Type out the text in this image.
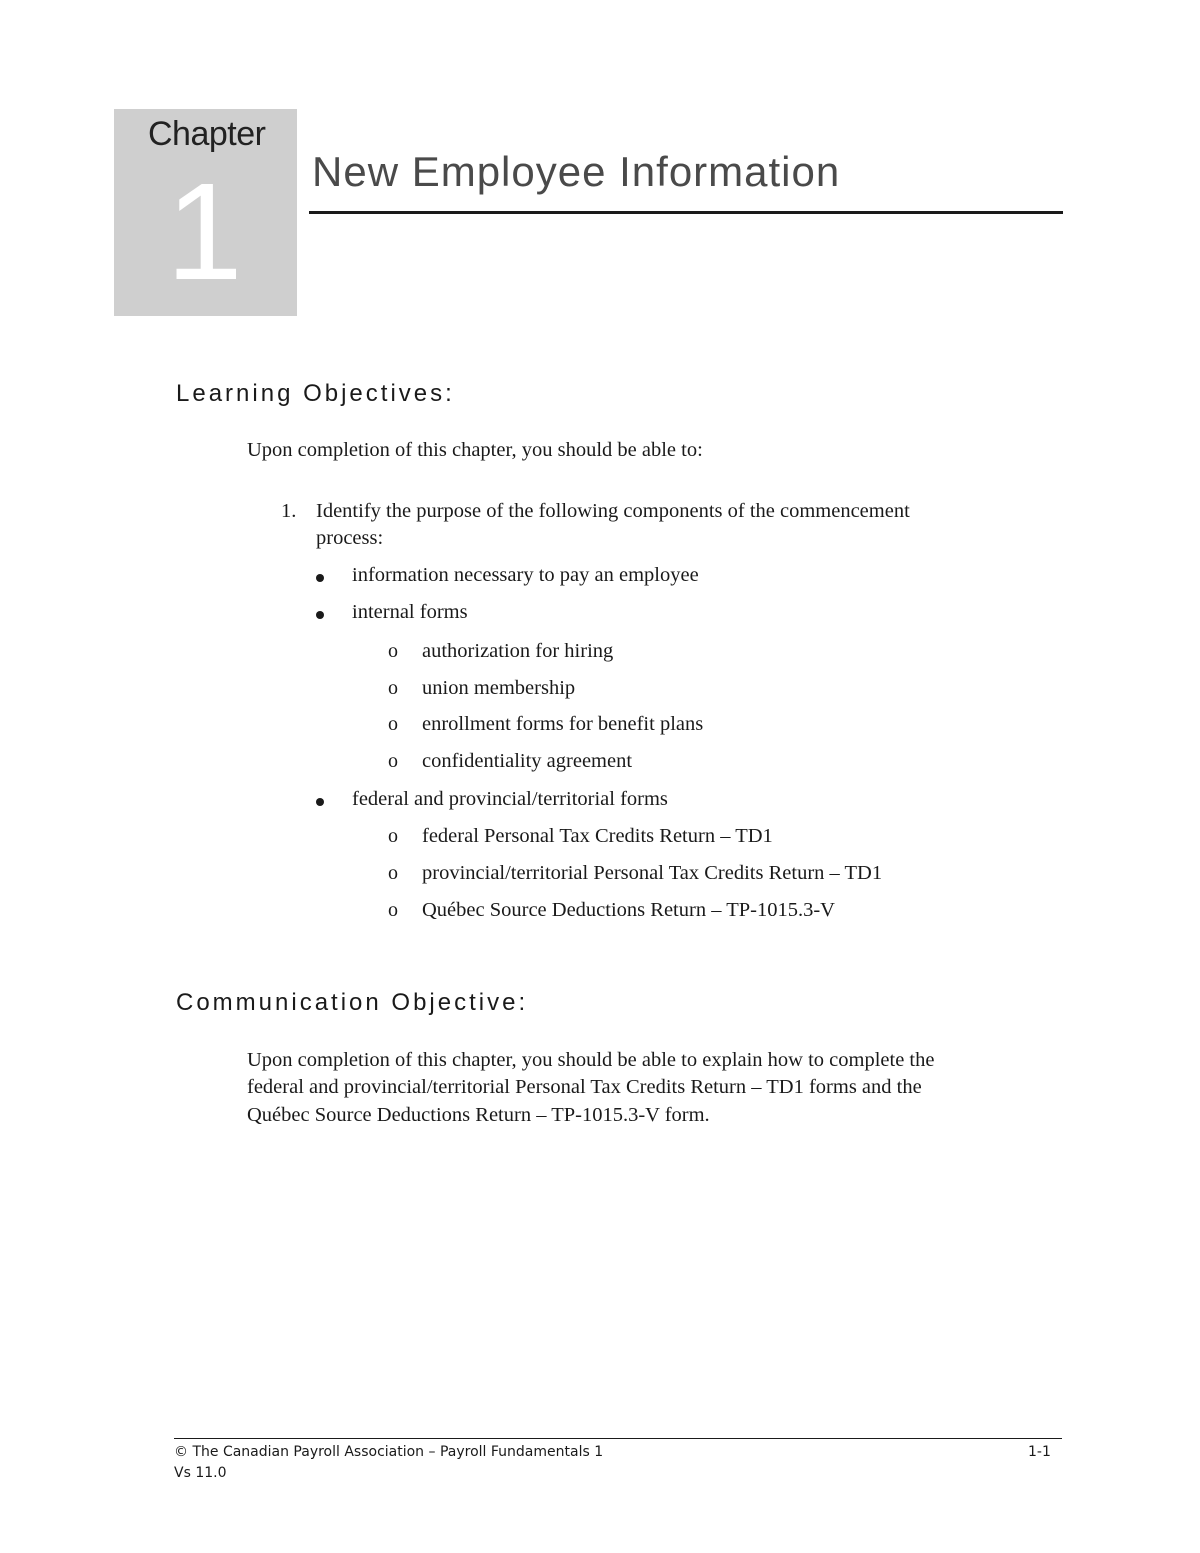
Chapter
1 New Employee Information
Learning Objectives:
Upon completion of this chapter, you should be able to:
1. Identify the purpose of the following components of the commencement
process:
information necessary to pay an employee
internal forms
o authorization for hiring
o union membership
o enrollment forms for benefit plans
o confidentiality agreement
federal and provincial/territorial forms
o federal Personal Tax Credits Return – TD1
o provincial/territorial Personal Tax Credits Return – TD1
o Québec Source Deductions Return – TP-1015.3-V
Communication Objective:
Upon completion of this chapter, you should be able to explain how to complete the
federal and provincial/territorial Personal Tax Credits Return – TD1 forms and the
Québec Source Deductions Return – TP-1015.3-V form.
© The Canadian Payroll Association – Payroll Fundamentals 1
Vs 11.0
1-1
